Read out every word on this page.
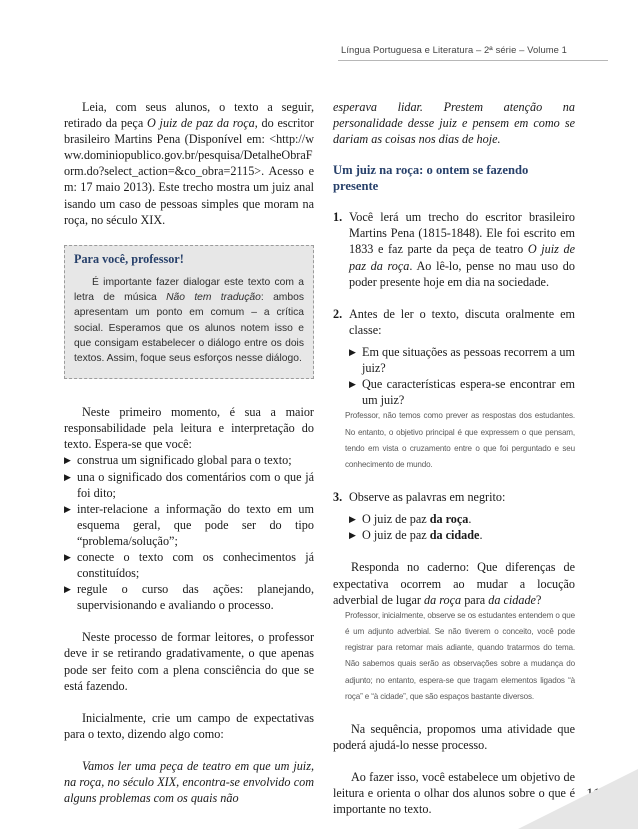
Língua Portuguesa e Literatura – 2ª série – Volume 1

Leia, com seus alunos, o texto a seguir, retirado da peça O juiz de paz da roça, do escritor brasileiro Martins Pena (Disponível em: <http://www.dominiopublico.gov.br/pesquisa/DetalheObraForm.do?select_action=&co_obra=2115>. Acesso em: 17 maio 2013). Este trecho mostra um juiz analisando um caso de pessoas simples que moram na roça, no século XIX.

Para você, professor!

É importante fazer dialogar este texto com a letra de música Não tem tradução: ambos apresentam um ponto em comum – a crítica social. Esperamos que os alunos notem isso e que consigam estabelecer o diálogo entre os dois textos. Assim, foque seus esforços nesse diálogo.

Neste primeiro momento, é sua a maior responsabilidade pela leitura e interpretação do texto. Espera-se que você:

▶ construa um significado global para o texto;
▶ una o significado dos comentários com o que já foi dito;
▶ inter-relacione a informação do texto em um esquema geral, que pode ser do tipo “problema/solução”;
▶ conecte o texto com os conhecimentos já constituídos;
▶ regule o curso das ações: planejando, supervisionando e avaliando o processo.

Neste processo de formar leitores, o professor deve ir se retirando gradativamente, o que apenas pode ser feito com a plena consciência do que se está fazendo.

Inicialmente, crie um campo de expectativas para o texto, dizendo algo como:

Vamos ler uma peça de teatro em que um juiz, na roça, no século XIX, encontra-se envolvido com alguns problemas com os quais não

esperava lidar. Prestem atenção na personalidade desse juiz e pensem em como se dariam as coisas nos dias de hoje.

Um juiz na roça: o ontem se fazendo presente
1. Você lerá um trecho do escritor brasileiro Martins Pena (1815-1848). Ele foi escrito em 1833 e faz parte da peça de teatro O juiz de paz da roça. Ao lê-lo, pense no mau uso do poder presente hoje em dia na sociedade.

2. Antes de ler o texto, discuta oralmente em classe:

▶ Em que situações as pessoas recorrem a um juiz?
▶ Que características espera-se encontrar em um juiz?
Professor, não temos como prever as respostas dos estudantes. No entanto, o objetivo principal é que expressem o que pensam, tendo em vista o cruzamento entre o que foi perguntado e seu conhecimento de mundo.
3. Observe as palavras em negrito:

▶ O juiz de paz da roça.
▶ O juiz de paz da cidade.

Responda no caderno: Que diferenças de expectativa ocorrem ao mudar a locução adverbial de lugar da roça para da cidade?

Professor, inicialmente, observe se os estudantes entendem o que é um adjunto adverbial. Se não tiverem o conceito, você pode registrar para retomar mais adiante, quando tratarmos do tema. Não sabemos quais serão as observações sobre a mudança do adjunto; no entanto, espera-se que tragam elementos ligados “à roça” e “à cidade”, que são espaços bastante diversos.

Na sequência, propomos uma atividade que poderá ajudá-lo nesse processo.

Ao fazer isso, você estabelece um objetivo de leitura e orienta o olhar dos alunos sobre o que é importante no texto.

11
